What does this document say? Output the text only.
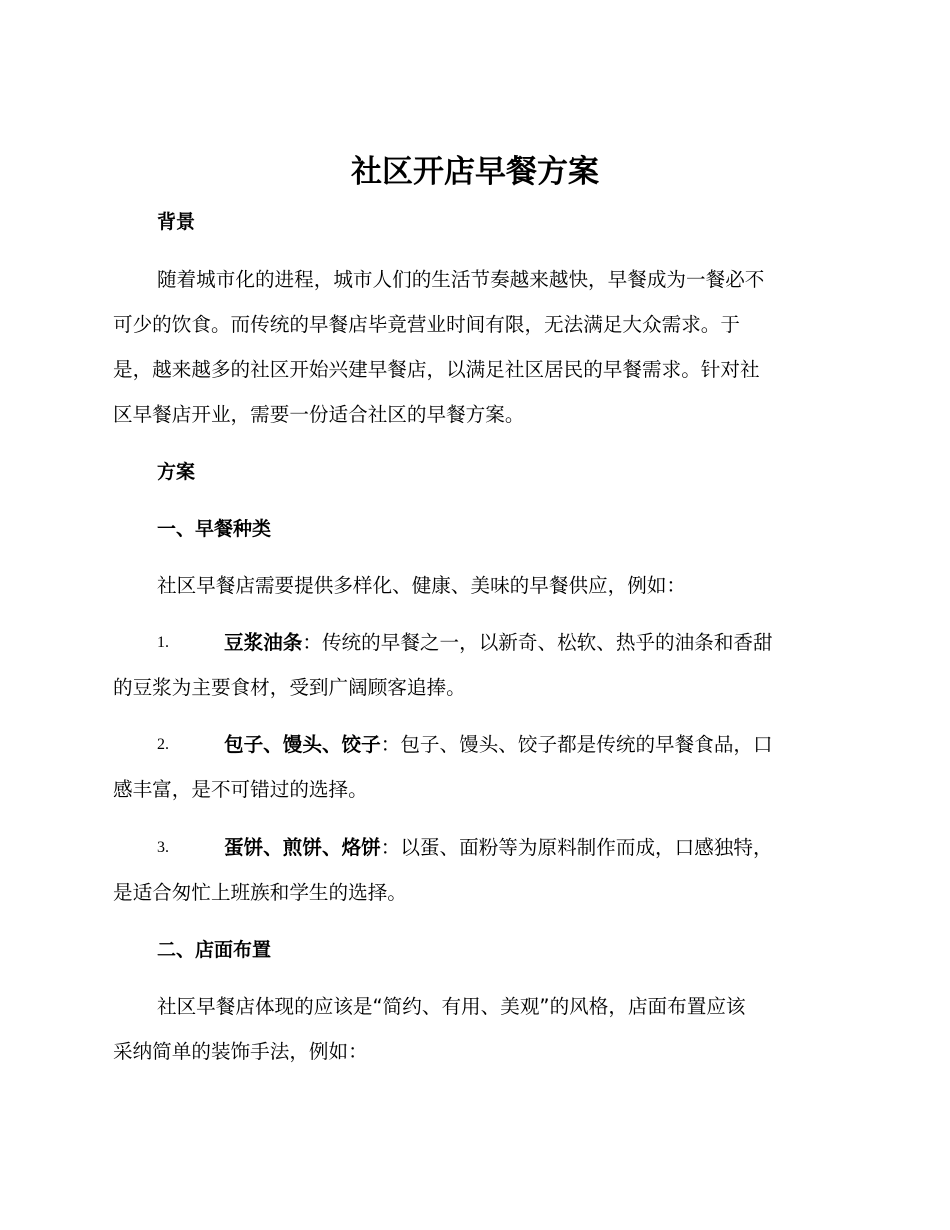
社区开店早餐方案
背景
随着城市化的进程，城市人们的生活节奏越来越快，早餐成为一餐必不
可少的饮食。而传统的早餐店毕竟营业时间有限，无法满足大众需求。于
是，越来越多的社区开始兴建早餐店，以满足社区居民的早餐需求。针对社
区早餐店开业，需要一份适合社区的早餐方案。
方案
一、早餐种类
社区早餐店需要提供多样化、健康、美味的早餐供应，例如：
1.	豆浆油条：传统的早餐之一，以新奇、松软、热乎的油条和香甜
的豆浆为主要食材，受到广阔顾客追捧。
2.	包子、馒头、饺子：包子、馒头、饺子都是传统的早餐食品，口
感丰富，是不可错过的选择。
3.	蛋饼、煎饼、烙饼：以蛋、面粉等为原料制作而成，口感独特，
是适合匆忙上班族和学生的选择。
二、店面布置
社区早餐店体现的应该是“简约、有用、美观”的风格，店面布置应该
采纳简单的装饰手法，例如：
